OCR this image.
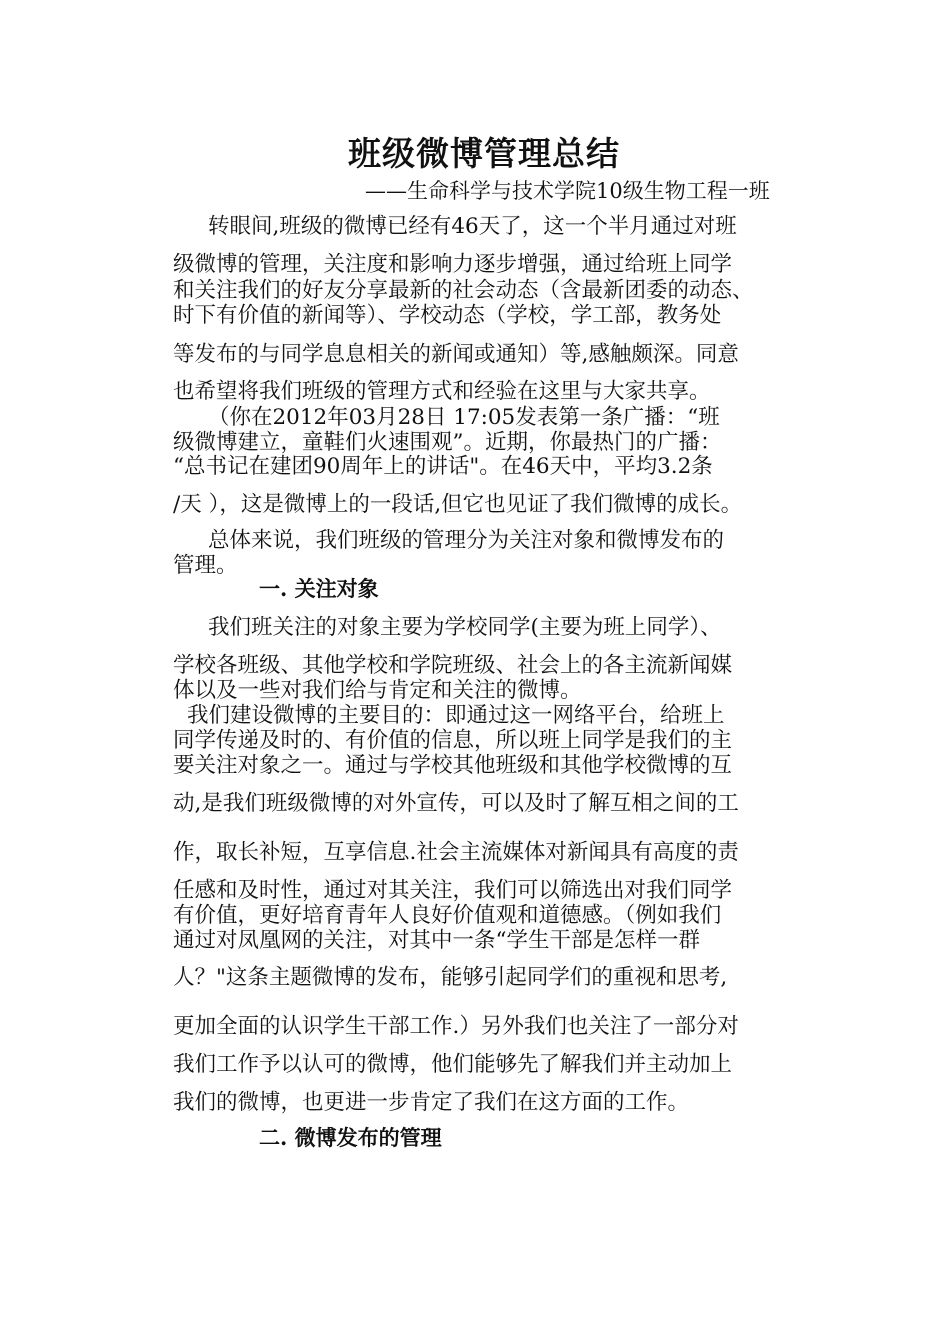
班级微博管理总结
——生命科学与技术学院10级生物工程一班
转眼间,班级的微博已经有46天了，这一个半月通过对班
级微博的管理，关注度和影响力逐步增强，通过给班上同学
和关注我们的好友分享最新的社会动态（含最新团委的动态、
时下有价值的新闻等）、学校动态（学校，学工部，教务处
等发布的与同学息息相关的新闻或通知）等,感触颇深。同意
也希望将我们班级的管理方式和经验在这里与大家共享。
（你在2012年03月28日 17:05发表第一条广播：“班
级微博建立，童鞋们火速围观”。近期，你最热门的广播：
“总书记在建团90周年上的讲话"。在46天中，平均3.2条
/天 ），这是微博上的一段话,但它也见证了我们微博的成长。
总体来说，我们班级的管理分为关注对象和微博发布的
管理。
一. 关注对象
我们班关注的对象主要为学校同学(主要为班上同学）、
学校各班级、其他学校和学院班级、社会上的各主流新闻媒
体以及一些对我们给与肯定和关注的微博。
我们建设微博的主要目的：即通过这一网络平台，给班上
同学传递及时的、有价值的信息，所以班上同学是我们的主
要关注对象之一。通过与学校其他班级和其他学校微博的互
动,是我们班级微博的对外宣传，可以及时了解互相之间的工
作，取长补短，互享信息.社会主流媒体对新闻具有高度的责
任感和及时性，通过对其关注，我们可以筛选出对我们同学
有价值，更好培育青年人良好价值观和道德感。（例如我们
通过对凤凰网的关注，对其中一条“学生干部是怎样一群
人？"这条主题微博的发布，能够引起同学们的重视和思考,
更加全面的认识学生干部工作.）另外我们也关注了一部分对
我们工作予以认可的微博，他们能够先了解我们并主动加上
我们的微博，也更进一步肯定了我们在这方面的工作。
二. 微博发布的管理
